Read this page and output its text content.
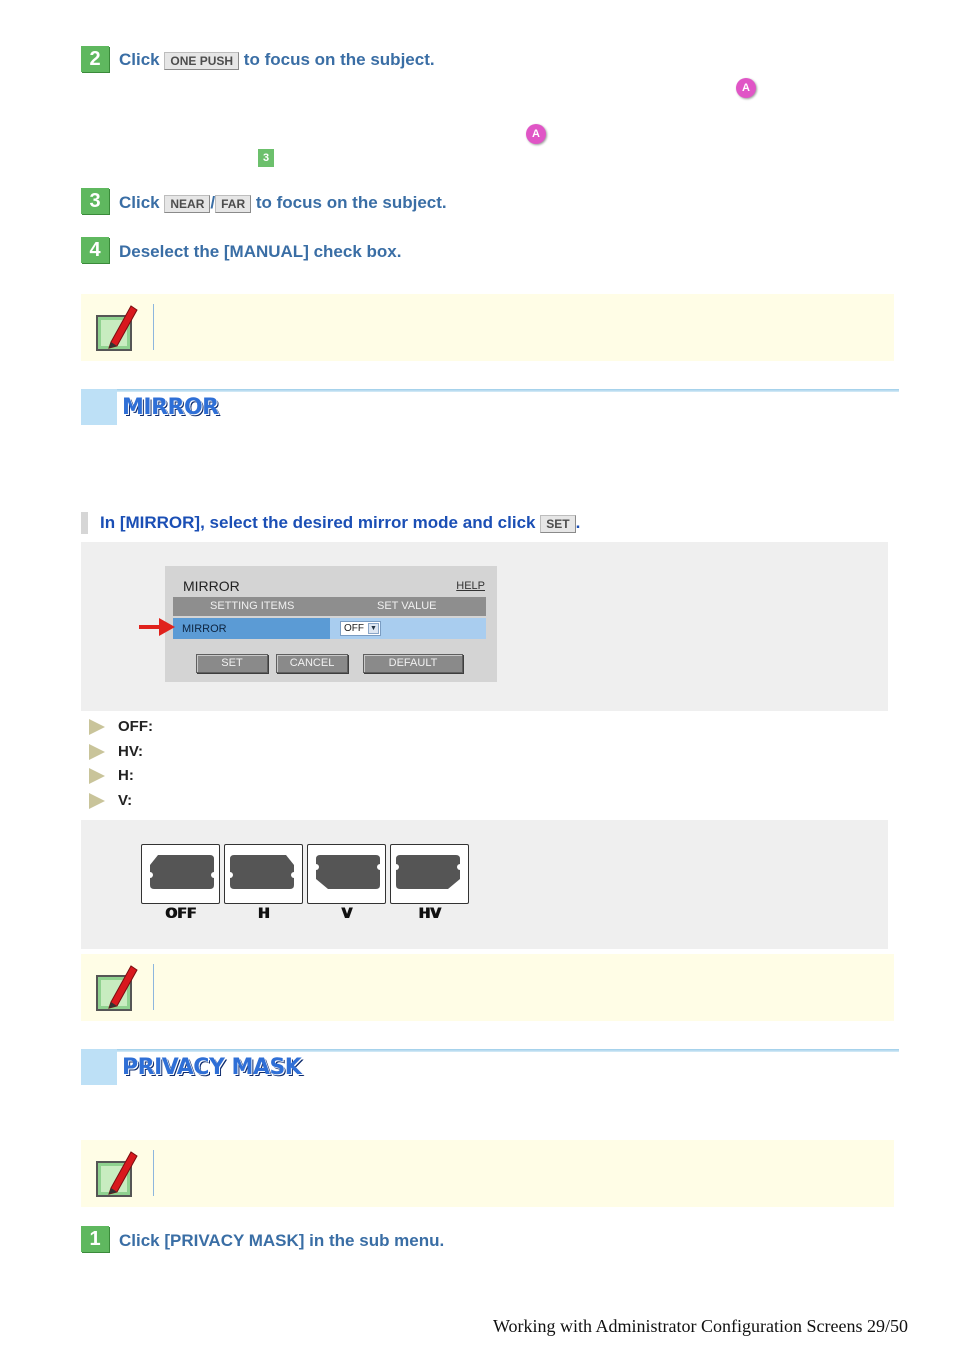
2	Click ONE PUSH to focus on the subject.
A
A
3
3	Click NEAR / FAR to focus on the subject.
4	Deselect the [MANUAL] check box.
MIRROR
In [MIRROR], select the desired mirror mode and click SET .
MIRROR	HELP
SETTING ITEMS	SET VALUE
MIRROR	OFF ▼
SET	CANCEL	DEFAULT
OFF:
HV:
H:
V:
OFF	H	V	HV
PRIVACY MASK
1	Click [PRIVACY MASK] in the sub menu.
Working with Administrator Configuration Screens 29/50
